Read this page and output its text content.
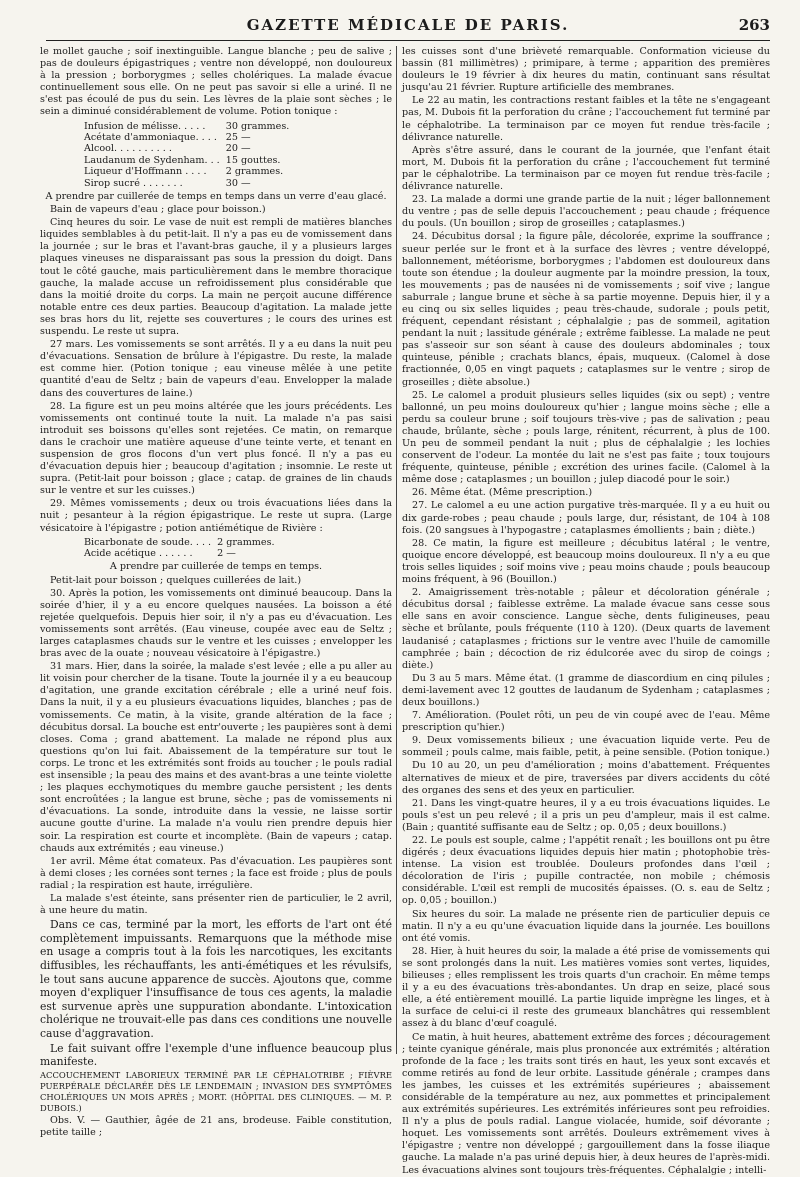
GAZETTE MÉDICALE DE PARIS.	263

le mollet gauche ; soif inextinguible. Langue blanche ; peu de salive ; pas de douleurs épigastriques ; ventre non développé, non douloureux à la pression ; borborygmes ; selles cholériques. La malade évacue continuellement sous elle. On ne peut pas savoir si elle a uriné. Il ne s'est pas écoulé de pus du sein. Les lèvres de la plaie sont sèches ; le sein a diminué considérablement de volume. Potion tonique :

Infusion de mélisse. . . . .	30 grammes.
Acétate d'ammoniaque. . . .	25 —
Alcool. . . . . . . . . .	20 —
Laudanum de Sydenham. . .	15 gouttes.
Liqueur d'Hoffmann . . . .	2 grammes.
Sirop sucré . . . . . . .	30 —

A prendre par cuillerée de temps en temps dans un verre d'eau glacé.

Bain de vapeurs d'eau ; glace pour boisson.)

Cinq heures du soir. Le vase de nuit est rempli de matières blanches liquides semblables à du petit-lait. Il n'y a pas eu de vomissement dans la journée ; sur le bras et l'avant-bras gauche, il y a plusieurs larges plaques vineuses ne disparaissant pas sous la pression du doigt. Dans tout le côté gauche, mais particulièrement dans le membre thoracique gauche, la malade accuse un refroidissement plus considérable que dans la moitié droite du corps. La main ne perçoit aucune différence notable entre ces deux parties. Beaucoup d'agitation. La malade jette ses bras hors du lit, rejette ses couvertures ; le cours des urines est suspendu. Le reste ut supra.

27 mars. Les vomissements se sont arrêtés. Il y a eu dans la nuit peu d'évacuations. Sensation de brûlure à l'épigastre. Du reste, la malade est comme hier. (Potion tonique ; eau vineuse mêlée à une petite quantité d'eau de Seltz ; bain de vapeurs d'eau. Envelopper la malade dans des couvertures de laine.)

28. La figure est un peu moins altérée que les jours précédents. Les vomissements ont continué toute la nuit. La malade n'a pas saisi introduit ses boissons qu'elles sont rejetées. Ce matin, on remarque dans le crachoir une matière aqueuse d'une teinte verte, et tenant en suspension de gros flocons d'un vert plus foncé. Il n'y a pas eu d'évacuation depuis hier ; beaucoup d'agitation ; insomnie. Le reste ut supra. (Petit-lait pour boisson ; glace ; catap. de graines de lin chauds sur le ventre et sur les cuisses.)

29. Mêmes vomissements ; deux ou trois évacuations liées dans la nuit ; pesanteur à la région épigastrique. Le reste ut supra. (Large vésicatoire à l'épigastre ; potion antiémétique de Rivière :

Bicarbonate de soude. . . .	2 grammes.
Acide acétique . . . . . .	2 —

A prendre par cuillerée de temps en temps.

Petit-lait pour boisson ; quelques cuillerées de lait.)

30. Après la potion, les vomissements ont diminué beaucoup. Dans la soirée d'hier, il y a eu encore quelques nausées. La boisson a été rejetée quelquefois. Depuis hier soir, il n'y a pas eu d'évacuation. Les vomissements sont arrêtés. (Eau vineuse, coupée avec eau de Seltz ; larges cataplasmes chauds sur le ventre et les cuisses ; envelopper les bras avec de la ouate ; nouveau vésicatoire à l'épigastre.)

31 mars. Hier, dans la soirée, la malade s'est levée ; elle a pu aller au lit voisin pour chercher de la tisane. Toute la journée il y a eu beaucoup d'agitation, une grande excitation cérébrale ; elle a uriné neuf fois. Dans la nuit, il y a eu plusieurs évacuations liquides, blanches ; pas de vomissements. Ce matin, à la visite, grande altération de la face ; décubitus dorsal. La bouche est entr'ouverte ; les paupières sont à demi closes. Coma ; grand abattement. La malade ne répond plus aux questions qu'on lui fait. Abaissement de la température sur tout le corps. Le tronc et les extrémités sont froids au toucher ; le pouls radial est insensible ; la peau des mains et des avant-bras a une teinte violette ; les plaques ecchymotiques du membre gauche persistent ; les dents sont encroûtées ; la langue est brune, sèche ; pas de vomissements ni d'évacuations. La sonde, introduite dans la vessie, ne laisse sortir aucune goutte d'urine. La malade n'a voulu rien prendre depuis hier soir. La respiration est courte et incomplète. (Bain de vapeurs ; catap. chauds aux extrémités ; eau vineuse.)

1er avril. Même état comateux. Pas d'évacuation. Les paupières sont à demi closes ; les cornées sont ternes ; la face est froide ; plus de pouls radial ; la respiration est haute, irrégulière.

La malade s'est éteinte, sans présenter rien de particulier, le 2 avril, à une heure du matin.

Dans ce cas, terminé par la mort, les efforts de l'art ont été complètement impuissants. Remarquons que la méthode mise en usage a compris tout à la fois les narcotiques, les excitants diffusibles, les réchauffants, les anti-émétiques et les révulsifs, le tout sans aucune apparence de succès. Ajoutons que, comme moyen d'expliquer l'insuffisance de tous ces agents, la maladie est survenue après une suppuration abondante. L'intoxication cholérique ne trouvait-elle pas dans ces conditions une nouvelle cause d'aggravation.

Le fait suivant offre l'exemple d'une influence beaucoup plus manifeste.

ACCOUCHEMENT LABORIEUX TERMINÉ PAR LE CÉPHALOTRIBE ; FIÈVRE PUERPÉRALE DÉCLARÉE DÈS LE LENDEMAIN ; INVASION DES SYMPTÔMES CHOLÉRIQUES UN MOIS APRÈS ; MORT. (HÔPITAL DES CLINIQUES. — M. P. DUBOIS.)

Obs. V. — Gauthier, âgée de 21 ans, brodeuse. Faible constitution, petite taille ;

les cuisses sont d'une brièveté remarquable. Conformation vicieuse du bassin (81 millimètres) ; primipare, à terme ; apparition des premières douleurs le 19 février à dix heures du matin, continuant sans résultat jusqu'au 21 février. Rupture artificielle des membranes.

Le 22 au matin, les contractions restant faibles et la tête ne s'engageant pas, M. Dubois fit la perforation du crâne ; l'accouchement fut terminé par le céphalotribe. La terminaison par ce moyen fut rendue très-facile ; délivrance naturelle.

Après s'être assuré, dans le courant de la journée, que l'enfant était mort, M. Dubois fit la perforation du crâne ; l'accouchement fut terminé par le céphalotribe. La terminaison par ce moyen fut rendue très-facile ; délivrance naturelle.

23. La malade a dormi une grande partie de la nuit ; léger ballonnement du ventre ; pas de selle depuis l'accouchement ; peau chaude ; fréquence du pouls. (Un bouillon ; sirop de groseilles ; cataplasmes.)

24. Décubitus dorsal ; la figure pâle, décolorée, exprime la souffrance ; sueur perlée sur le front et à la surface des lèvres ; ventre développé, ballonnement, météorisme, borborygmes ; l'abdomen est douloureux dans toute son étendue ; la douleur augmente par la moindre pression, la toux, les mouvements ; pas de nausées ni de vomissements ; soif vive ; langue saburrale ; langue brune et sèche à sa partie moyenne. Depuis hier, il y a eu cinq ou six selles liquides ; peau très-chaude, sudorale ; pouls petit, fréquent, cependant résistant ; céphalalgie ; pas de sommeil, agitation pendant la nuit ; lassitude générale ; extrême faiblesse. La malade ne peut pas s'asseoir sur son séant à cause des douleurs abdominales ; toux quinteuse, pénible ; crachats blancs, épais, muqueux. (Calomel à dose fractionnée, 0,05 en vingt paquets ; cataplasmes sur le ventre ; sirop de groseilles ; diète absolue.)

25. Le calomel a produit plusieurs selles liquides (six ou sept) ; ventre ballonné, un peu moins douloureux qu'hier ; langue moins sèche ; elle a perdu sa couleur brune ; soif toujours très-vive ; pas de salivation ; peau chaude, brûlante, sèche ; pouls large, rénitent, récurrent, à plus de 100. Un peu de sommeil pendant la nuit ; plus de céphalalgie ; les lochies conservent de l'odeur. La montée du lait ne s'est pas faite ; toux toujours fréquente, quinteuse, pénible ; excrétion des urines facile. (Calomel à la même dose ; cataplasmes ; un bouillon ; julep diacodé pour le soir.)

26. Même état. (Même prescription.)

27. Le calomel a eu une action purgative très-marquée. Il y a eu huit ou dix garde-robes ; peau chaude ; pouls large, dur, résistant, de 104 à 108 fois. (20 sangsues à l'hypogastre ; cataplasmes émollients ; bain ; diète.)

28. Ce matin, la figure est meilleure ; décubitus latéral ; le ventre, quoique encore développé, est beaucoup moins douloureux. Il n'y a eu que trois selles liquides ; soif moins vive ; peau moins chaude ; pouls beaucoup moins fréquent, à 96 (Bouillon.)

2. Amaigrissement très-notable ; pâleur et décoloration générale ; décubitus dorsal ; faiblesse extrême. La malade évacue sans cesse sous elle sans en avoir conscience. Langue sèche, dents fuligineuses, peau sèche et brûlante, pouls fréquente (110 à 120). (Deux quarts de lavement laudanisé ; cataplasmes ; frictions sur le ventre avec l'huile de camomille camphrée ; bain ; décoction de riz édulcorée avec du sirop de coings ; diète.)

Du 3 au 5 mars. Même état. (1 gramme de diascordium en cinq pilules ; demi-lavement avec 12 gouttes de laudanum de Sydenham ; cataplasmes ; deux bouillons.)

7. Amélioration. (Poulet rôti, un peu de vin coupé avec de l'eau. Même prescription qu'hier.)

9. Deux vomissements bilieux ; une évacuation liquide verte. Peu de sommeil ; pouls calme, mais faible, petit, à peine sensible. (Potion tonique.)

Du 10 au 20, un peu d'amélioration ; moins d'abattement. Fréquentes alternatives de mieux et de pire, traversées par divers accidents du côté des organes des sens et des yeux en particulier.

21. Dans les vingt-quatre heures, il y a eu trois évacuations liquides. Le pouls s'est un peu relevé ; il a pris un peu d'ampleur, mais il est calme. (Bain ; quantité suffisante eau de Seltz ; op. 0,05 ; deux bouillons.)

22. Le pouls est souple, calme ; l'appétit renaît ; les bouillons ont pu être digérés ; deux évacuations liquides depuis hier matin ; photophobie très-intense. La vision est troublée. Douleurs profondes dans l'œil ; décoloration de l'iris ; pupille contractée, non mobile ; chémosis considérable. L'œil est rempli de mucosités épaisses. (O. s. eau de Seltz ; op. 0,05 ; bouillon.)

Six heures du soir. La malade ne présente rien de particulier depuis ce matin. Il n'y a eu qu'une évacuation liquide dans la journée. Les bouillons ont été vomis.

28. Hier, à huit heures du soir, la malade a été prise de vomissements qui se sont prolongés dans la nuit. Les matières vomies sont vertes, liquides, bilieuses ; elles remplissent les trois quarts d'un crachoir. En même temps il y a eu des évacuations très-abondantes. Un drap en seize, placé sous elle, a été entièrement mouillé. La partie liquide imprègne les linges, et à la surface de celui-ci il reste des grumeaux blanchâtres qui ressemblent assez à du blanc d'œuf coagulé.

Ce matin, à huit heures, abattement extrême des forces ; découragement ; teinte cyanique générale, mais plus prononcée aux extrémités ; altération profonde de la face ; les traits sont tirés en haut, les yeux sont excavés et comme retirés au fond de leur orbite. Lassitude générale ; crampes dans les jambes, les cuisses et les extrémités supérieures ; abaissement considérable de la température au nez, aux pommettes et principalement aux extrémités supérieures. Les extrémités inférieures sont peu refroidies. Il n'y a plus de pouls radial. Langue violacée, humide, soif dévorante ; hoquet. Les vomissements sont arrêtés. Douleurs extrêmement vives à l'épigastre ; ventre non développé ; gargouillement dans la fosse iliaque gauche. La malade n'a pas uriné depuis hier, à deux heures de l'après-midi. Les évacuations alvines sont toujours très-fréquentes. Céphalalgie ; intelli-
